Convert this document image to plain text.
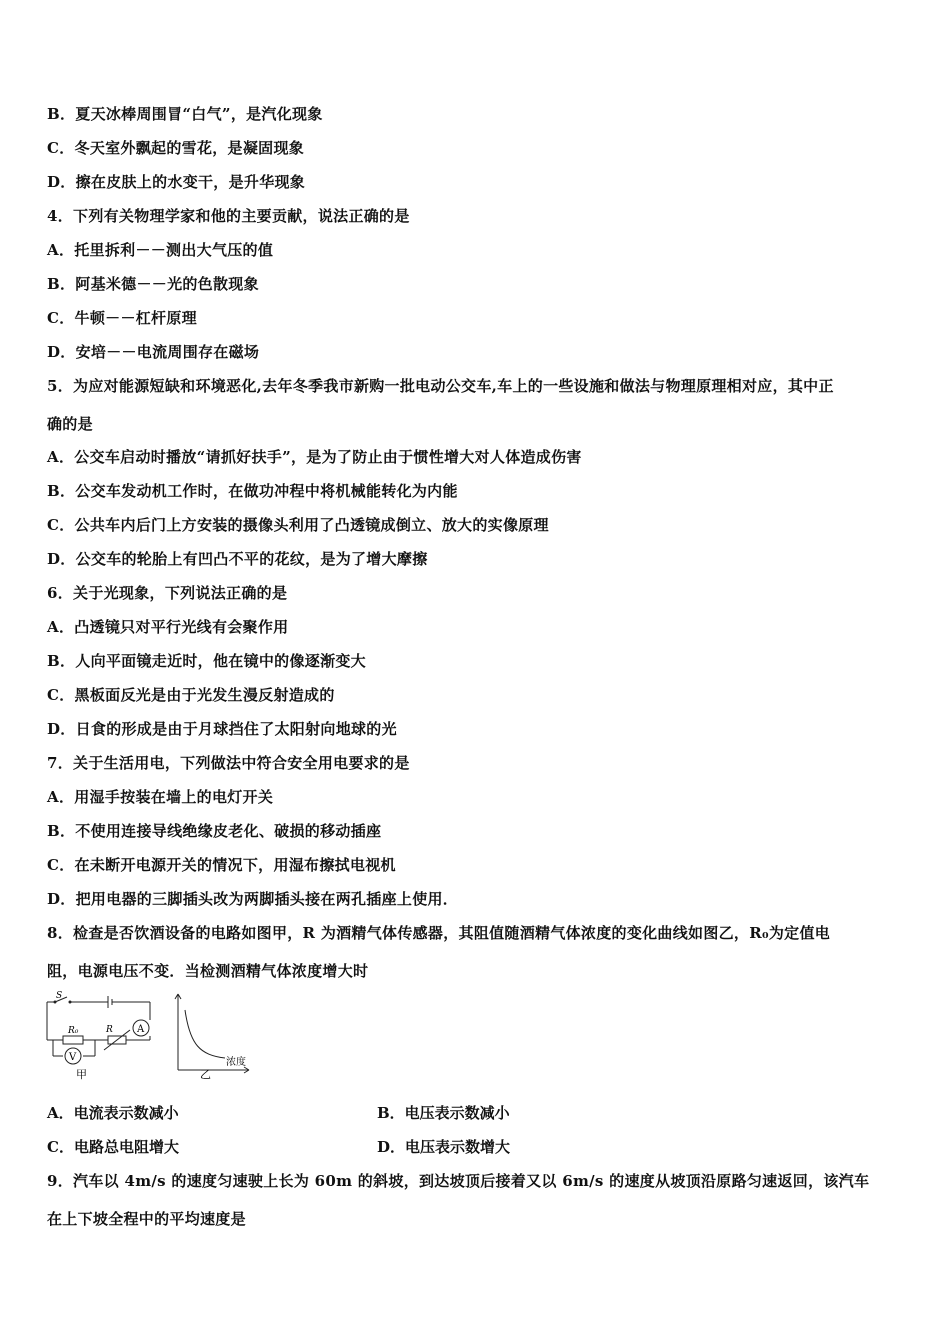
B．夏天冰棒周围冒“白气”，是汽化现象
C．冬天室外飘起的雪花，是凝固现象
D．擦在皮肤上的水变干，是升华现象
4．下列有关物理学家和他的主要贡献，说法正确的是
A．托里拆利－－测出大气压的值
B．阿基米德－－光的色散现象
C．牛顿－－杠杆原理
D．安培－－电流周围存在磁场
5．为应对能源短缺和环境恶化,去年冬季我市新购一批电动公交车,车上的一些设施和做法与物理原理相对应，其中正
确的是
A．公交车启动时播放“请抓好扶手”，是为了防止由于惯性增大对人体造成伤害
B．公交车发动机工作时，在做功冲程中将机械能转化为内能
C．公共车内后门上方安装的摄像头利用了凸透镜成倒立、放大的实像原理
D．公交车的轮胎上有凹凸不平的花纹，是为了增大摩擦
6．关于光现象，下列说法正确的是
A．凸透镜只对平行光线有会聚作用
B．人向平面镜走近时，他在镜中的像逐渐变大
C．黑板面反光是由于光发生漫反射造成的
D．日食的形成是由于月球挡住了太阳射向地球的光
7．关于生活用电，下列做法中符合安全用电要求的是
A．用湿手按装在墙上的电灯开关
B．不使用连接导线绝缘皮老化、破损的移动插座
C．在未断开电源开关的情况下，用湿布擦拭电视机
D．把用电器的三脚插头改为两脚插头接在两孔插座上使用．
8．检查是否饮酒设备的电路如图甲，R 为酒精气体传感器，其阻值随酒精气体浓度的变化曲线如图乙，R₀为定值电
阻，电源电压不变．当检测酒精气体浓度增大时
S
R₀	R A
V
甲	乙
浓度
A．电流表示数减小	B．电压表示数减小
C．电路总电阻增大	D．电压表示数增大
9．汽车以 4m/s 的速度匀速驶上长为 60m 的斜坡，到达坡顶后接着又以 6m/s 的速度从坡顶沿原路匀速返回，该汽车
在上下坡全程中的平均速度是
